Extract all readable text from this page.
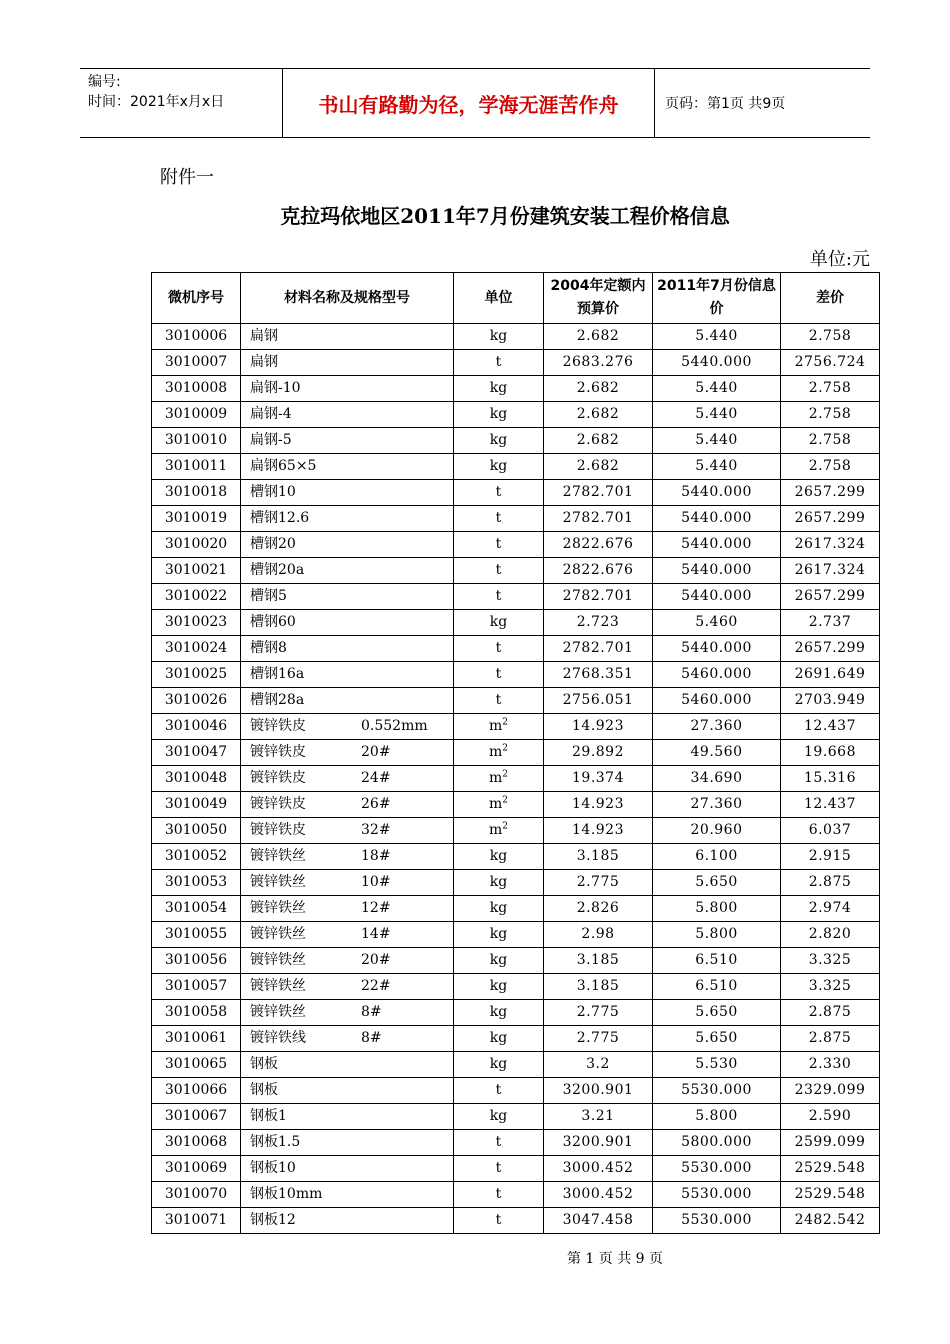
编号:
时间：2021年x月x日	书山有路勤为径，学海无涯苦作舟	页码：第1页 共9页
附件一
克拉玛依地区2011年7月份建筑安装工程价格信息
单位:元
微机序号	材料名称及规格型号	单位	2004年定额内预算价	2011年7月份信息价	差价
3010006	扁钢	kg	2.682	5.440	2.758
3010007	扁钢	t	2683.276	5440.000	2756.724
3010008	扁钢-10	kg	2.682	5.440	2.758
3010009	扁钢-4	kg	2.682	5.440	2.758
3010010	扁钢-5	kg	2.682	5.440	2.758
3010011	扁钢65×5	kg	2.682	5.440	2.758
3010018	槽钢10	t	2782.701	5440.000	2657.299
3010019	槽钢12.6	t	2782.701	5440.000	2657.299
3010020	槽钢20	t	2822.676	5440.000	2617.324
3010021	槽钢20a	t	2822.676	5440.000	2617.324
3010022	槽钢5	t	2782.701	5440.000	2657.299
3010023	槽钢60	kg	2.723	5.460	2.737
3010024	槽钢8	t	2782.701	5440.000	2657.299
3010025	槽钢16a	t	2768.351	5460.000	2691.649
3010026	槽钢28a	t	2756.051	5460.000	2703.949
3010046	镀锌铁皮 0.552mm	$m^2$	14.923	27.360	12.437
3010047	镀锌铁皮 20#	$m^2$	29.892	49.560	19.668
3010048	镀锌铁皮 24#	$m^2$	19.374	34.690	15.316
3010049	镀锌铁皮 26#	$m^2$	14.923	27.360	12.437
3010050	镀锌铁皮 32#	$m^2$	14.923	20.960	6.037
3010052	镀锌铁丝 18#	kg	3.185	6.100	2.915
3010053	镀锌铁丝 10#	kg	2.775	5.650	2.875
3010054	镀锌铁丝 12#	kg	2.826	5.800	2.974
3010055	镀锌铁丝 14#	kg	2.98	5.800	2.820
3010056	镀锌铁丝 20#	kg	3.185	6.510	3.325
3010057	镀锌铁丝 22#	kg	3.185	6.510	3.325
3010058	镀锌铁丝 8#	kg	2.775	5.650	2.875
3010061	镀锌铁线 8#	kg	2.775	5.650	2.875
3010065	钢板	kg	3.2	5.530	2.330
3010066	钢板	t	3200.901	5530.000	2329.099
3010067	钢板1	kg	3.21	5.800	2.590
3010068	钢板1.5	t	3200.901	5800.000	2599.099
3010069	钢板10	t	3000.452	5530.000	2529.548
3010070	钢板10mm	t	3000.452	5530.000	2529.548
3010071	钢板12	t	3047.458	5530.000	2482.542
第 1 页 共 9 页
